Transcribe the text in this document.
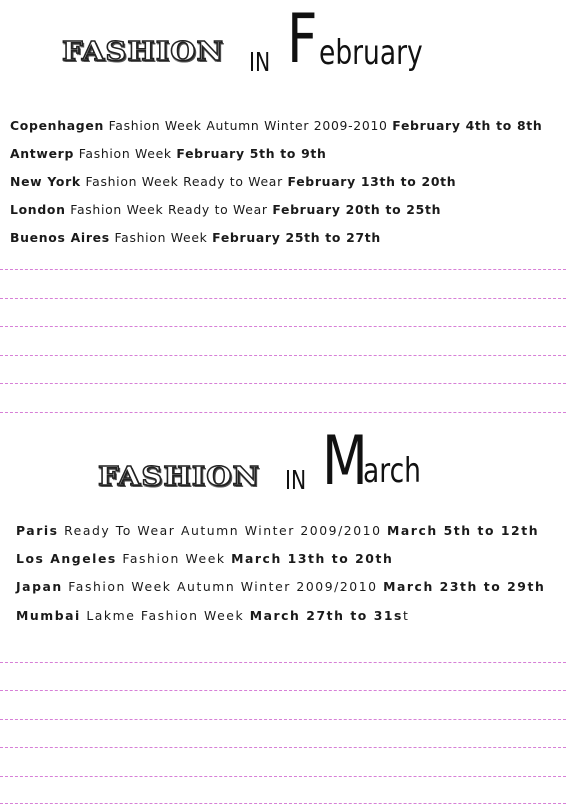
FASHION IN F ebruary
Copenhagen Fashion Week Autumn Winter 2009-2010 February 4th to 8th
Antwerp Fashion Week February 5th to 9th
New York Fashion Week Ready to Wear February 13th to 20th
London Fashion Week Ready to Wear February 20th to 25th
Buenos Aires Fashion Week February 25th to 27th
FASHION IN M
arch
Paris Ready To Wear Autumn Winter 2009/2010 March 5th to 12th
Los Angeles Fashion Week March 13th to 20th
Japan Fashion Week Autumn Winter 2009/2010 March 23th to 29th
Mumbai Lakme Fashion Week March 27th to 31st
